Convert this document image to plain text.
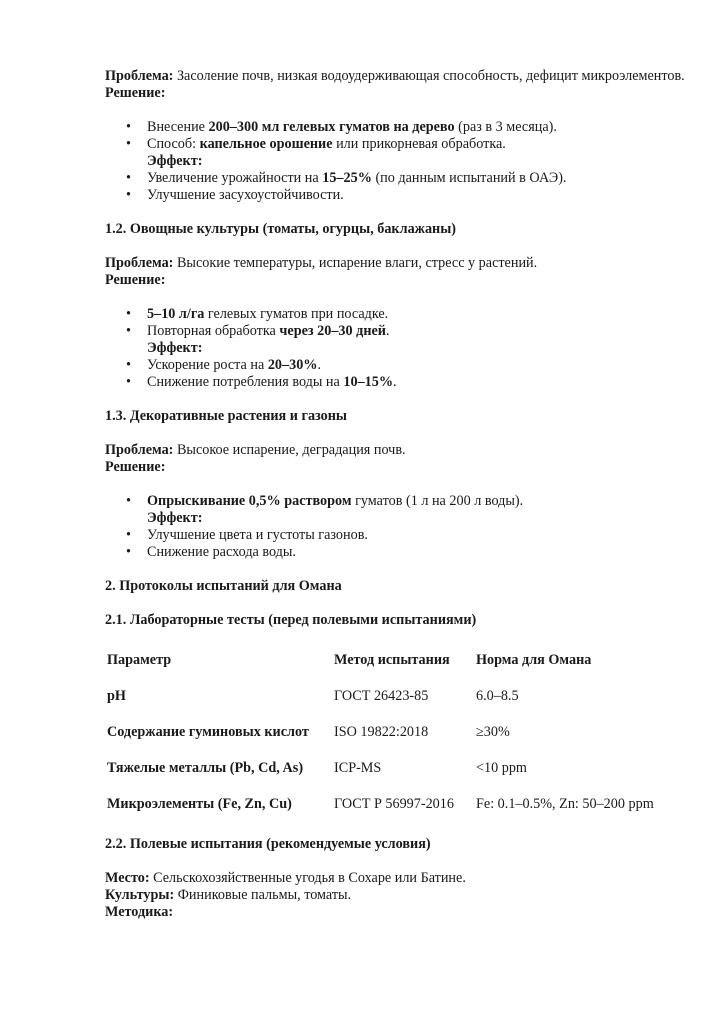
Проблема: Засоление почв, низкая водоудерживающая способность, дефицит микроэлементов.

Решение:

• Внесение 200–300 мл гелевых гуматов на дерево (раз в 3 месяца).
• Способ: капельное орошение или прикорневая обработка.
Эффект:
• Увеличение урожайности на 15–25% (по данным испытаний в ОАЭ).
• Улучшение засухоустойчивости.

1.2. Овощные культуры (томаты, огурцы, баклажаны)

Проблема: Высокие температуры, испарение влаги, стресс у растений.

Решение:

• 5–10 л/га гелевых гуматов при посадке.
• Повторная обработка через 20–30 дней.
Эффект:
• Ускорение роста на 20–30%.
• Снижение потребления воды на 10–15%.

1.3. Декоративные растения и газоны

Проблема: Высокое испарение, деградация почв.

Решение:

• Опрыскивание 0,5% раствором гуматов (1 л на 200 л воды).
Эффект:
• Улучшение цвета и густоты газонов.
• Снижение расхода воды.

2. Протоколы испытаний для Омана

2.1. Лабораторные тесты (перед полевыми испытаниями)

Параметр	Метод испытания	Норма для Омана
pH	ГОСТ 26423-85	6.0–8.5
Содержание гуминовых кислот	ISO 19822:2018	≥30%
Тяжелые металлы (Pb, Cd, As)	ICP-MS	<10 ppm
Микроэлементы (Fe, Zn, Cu)	ГОСТ Р 56997-2016	Fe: 0.1–0.5%, Zn: 50–200 ppm

2.2. Полевые испытания (рекомендуемые условия)

Место: Сельскохозяйственные угодья в Сохаре или Батине.

Культуры: Финиковые пальмы, томаты.

Методика:
